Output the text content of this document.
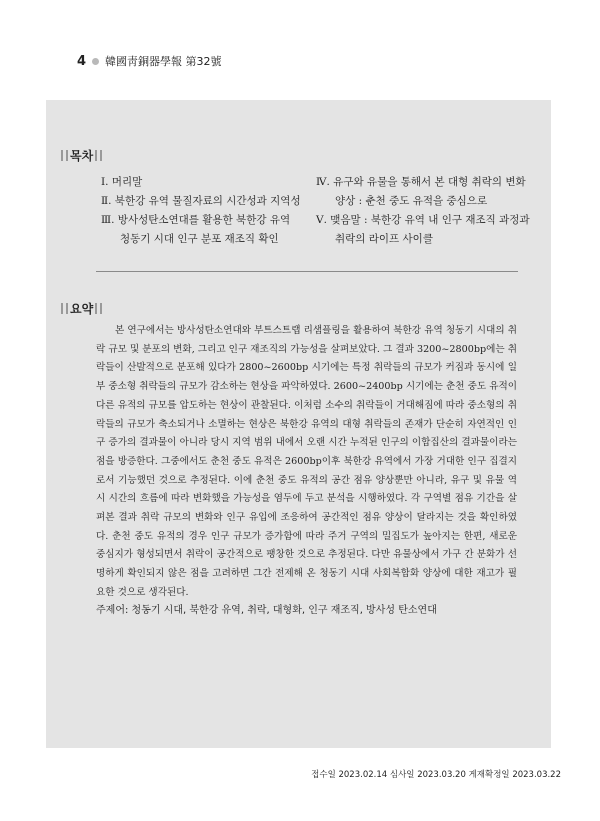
4 韓國靑銅器學報 第32號
목차

Ⅰ. 머리말

Ⅱ. 북한강 유역 물질자료의 시간성과 지역성

Ⅲ. 방사성탄소연대를 활용한 북한강 유역

청동기 시대 인구 분포 재조직 확인

Ⅳ. 유구와 유물을 통해서 본 대형 취락의 변화

양상 : 춘천 중도 유적을 중심으로

Ⅴ. 맺음말 : 북한강 유역 내 인구 재조직 과정과

취락의 라이프 사이클

요약

본 연구에서는 방사성탄소연대와 부트스트랩 리샘플링을 활용하여 북한강 유역 청동기 시대의 취락 규모 및 분포의 변화, 그리고 인구 재조직의 가능성을 살펴보았다. 그 결과 3200~2800bp에는 취락들이 산발적으로 분포해 있다가 2800~2600bp 시기에는 특정 취락들의 규모가 커짐과 동시에 일부 중소형 취락들의 규모가 감소하는 현상을 파악하였다. 2600~2400bp 시기에는 춘천 중도 유적이 다른 유적의 규모를 압도하는 현상이 관찰된다. 이처럼 소수의 취락들이 거대해짐에 따라 중소형의 취락들의 규모가 축소되거나 소멸하는 현상은 북한강 유역의 대형 취락들의 존재가 단순히 자연적인 인구 증가의 결과물이 아니라 당시 지역 범위 내에서 오랜 시간 누적된 인구의 이합집산의 결과물이라는 점을 방증한다. 그중에서도 춘천 중도 유적은 2600bp이후 북한강 유역에서 가장 거대한 인구 집결지로서 기능했던 것으로 추정된다. 이에 춘천 중도 유적의 공간 점유 양상뿐만 아니라, 유구 및 유물 역시 시간의 흐름에 따라 변화했을 가능성을 염두에 두고 분석을 시행하였다. 각 구역별 점유 기간을 살펴본 결과 취락 규모의 변화와 인구 유입에 조응하여 공간적인 점유 양상이 달라지는 것을 확인하였다. 춘천 중도 유적의 경우 인구 규모가 증가함에 따라 주거 구역의 밀집도가 높아지는 한편, 새로운 중심지가 형성되면서 취락이 공간적으로 팽창한 것으로 추정된다. 다만 유물상에서 가구 간 분화가 선명하게 확인되지 않은 점을 고려하면 그간 전제해 온 청동기 시대 사회복합화 양상에 대한 재고가 필요한 것으로 생각된다.

주제어: 청동기 시대, 북한강 유역, 취락, 대형화, 인구 재조직, 방사성 탄소연대
접수일 2023.02.14 심사일 2023.03.20 게재확정일 2023.03.22
